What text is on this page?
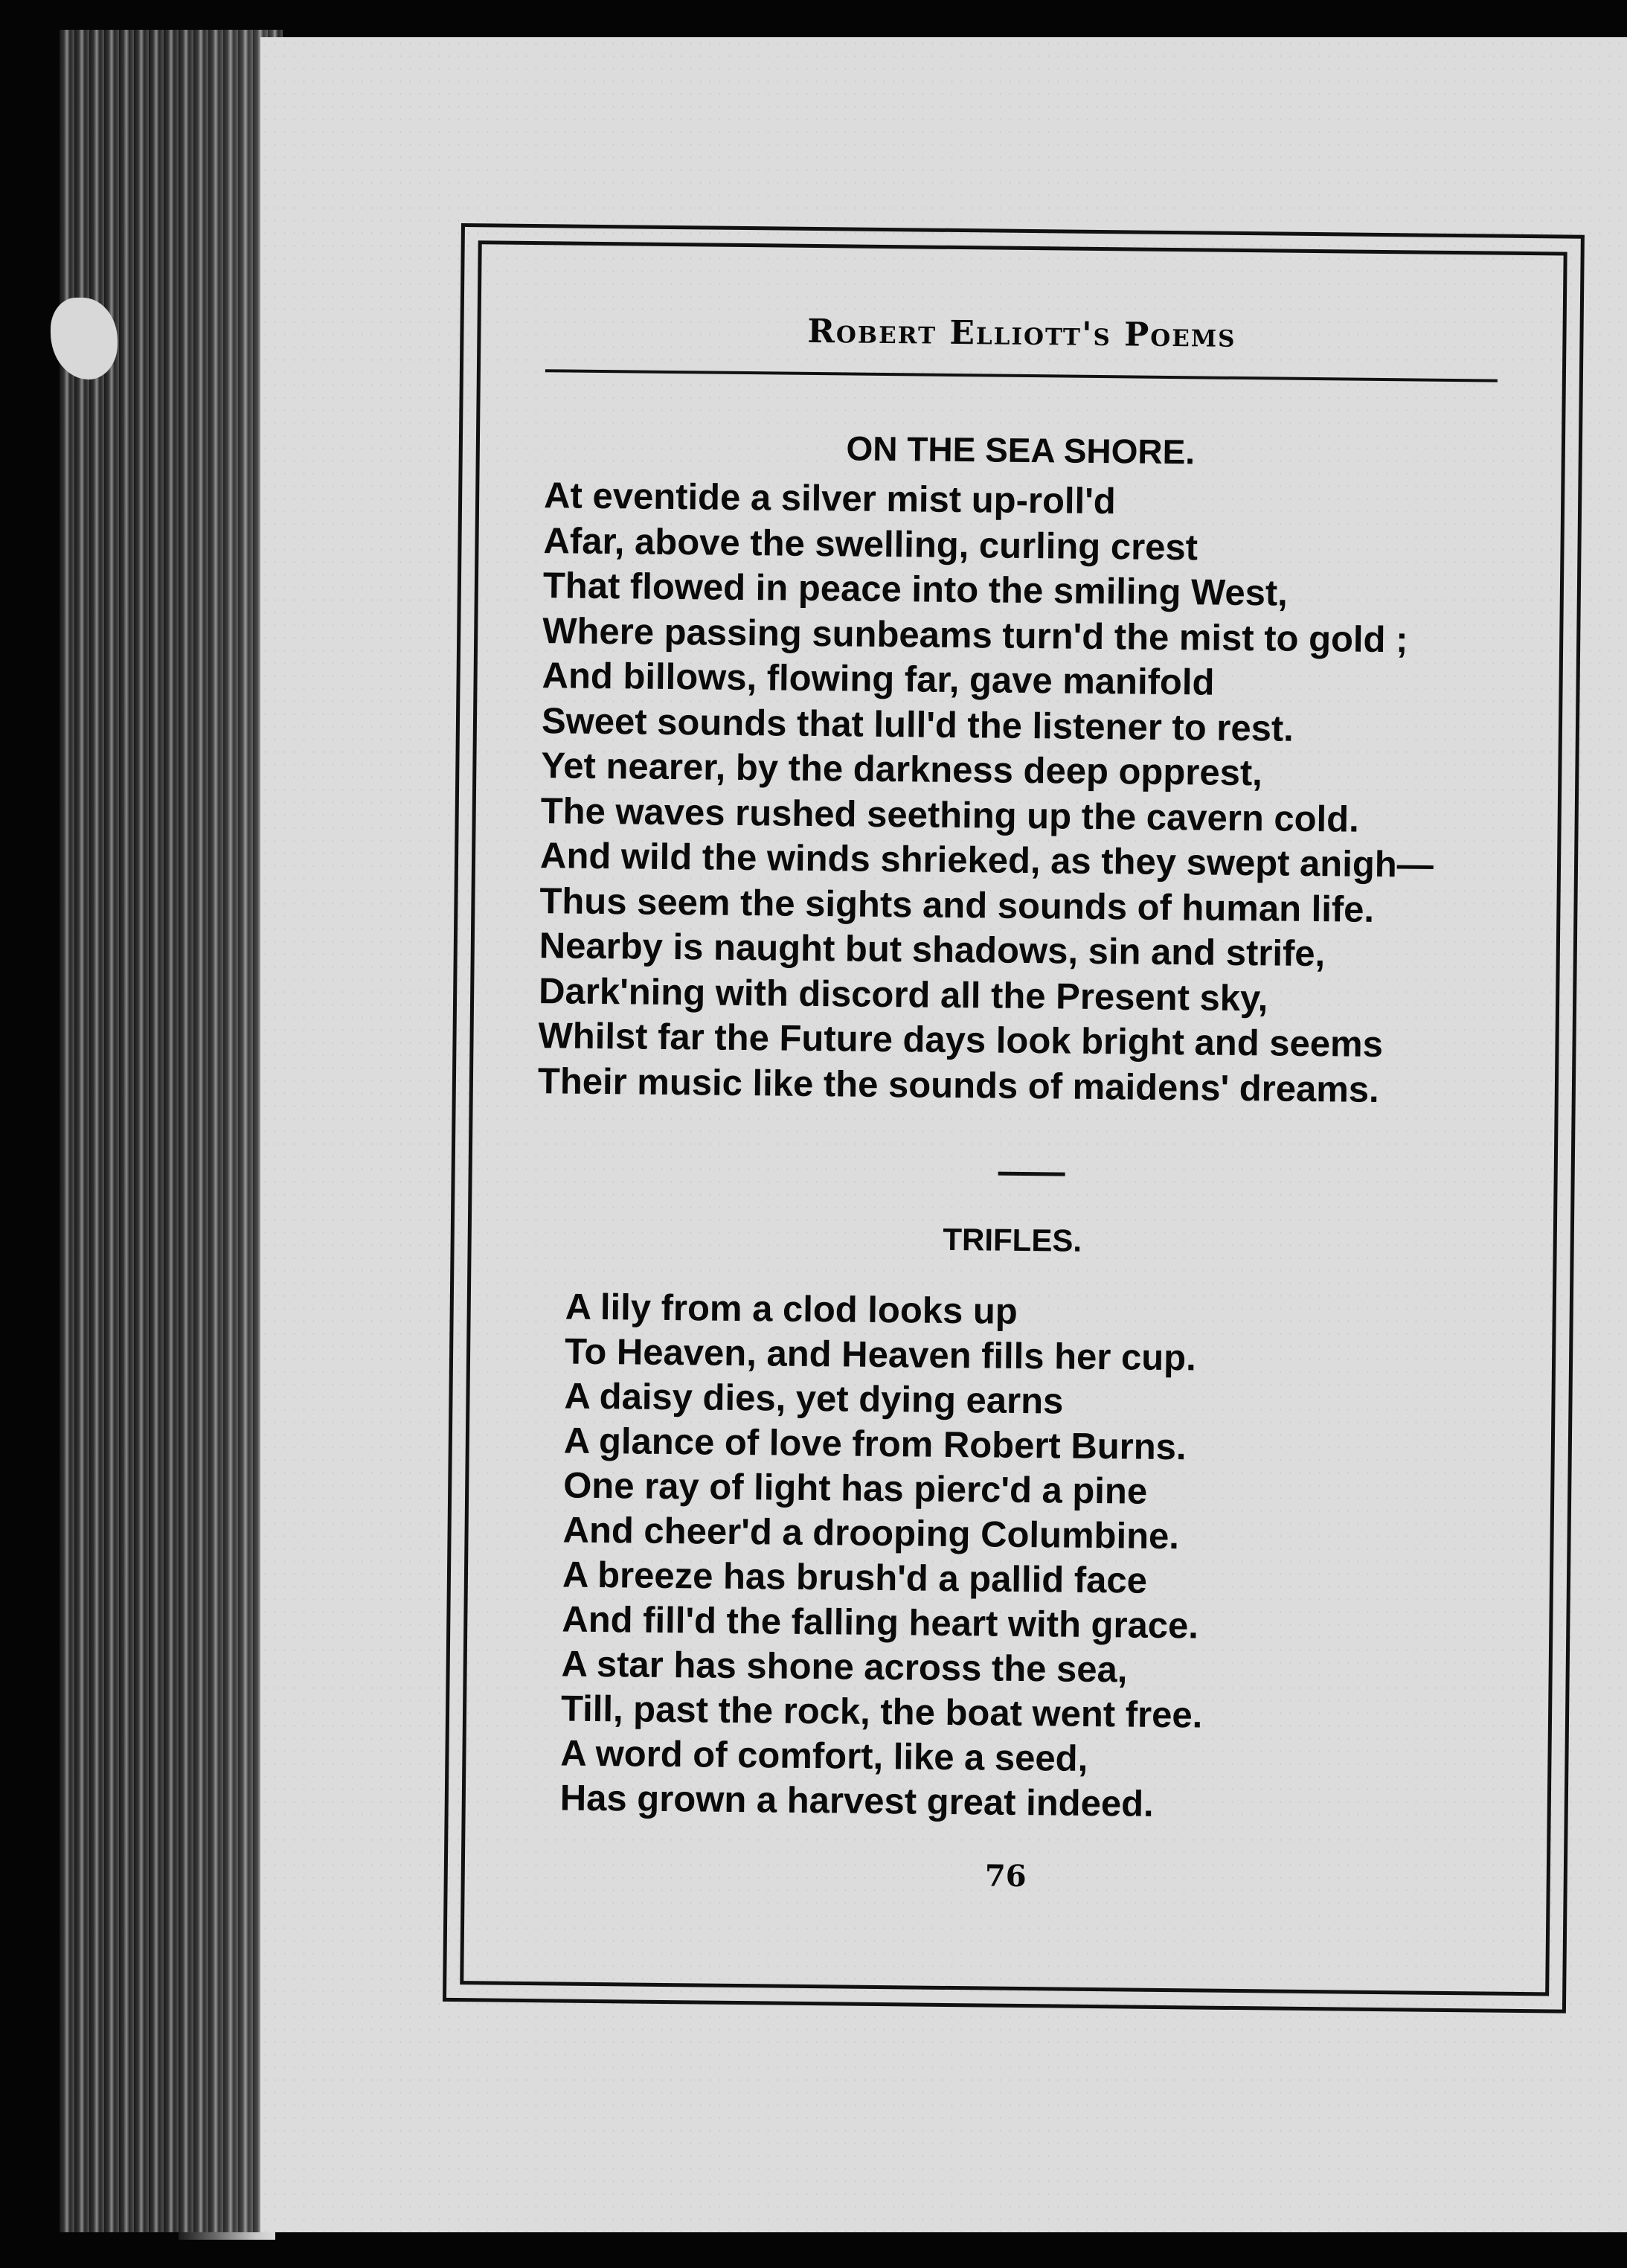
Robert Elliott's Poems
ON THE SEA SHORE.
At eventide a silver mist up-roll'd
Afar, above the swelling, curling crest
That flowed in peace into the smiling West,
Where passing sunbeams turn'd the mist to gold ;
And billows, flowing far, gave manifold
Sweet sounds that lull'd the listener to rest.
Yet nearer, by the darkness deep opprest,
The waves rushed seething up the cavern cold.
And wild the winds shrieked, as they swept anigh—
Thus seem the sights and sounds of human life.
Nearby is naught but shadows, sin and strife,
Dark'ning with discord all the Present sky,
Whilst far the Future days look bright and seems
Their music like the sounds of maidens' dreams.
TRIFLES.
A lily from a clod looks up
To Heaven, and Heaven fills her cup.
A daisy dies, yet dying earns
A glance of love from Robert Burns.
One ray of light has pierc'd a pine
And cheer'd a drooping Columbine.
A breeze has brush'd a pallid face
And fill'd the falling heart with grace.
A star has shone across the sea,
Till, past the rock, the boat went free.
A word of comfort, like a seed,
Has grown a harvest great indeed.
76
